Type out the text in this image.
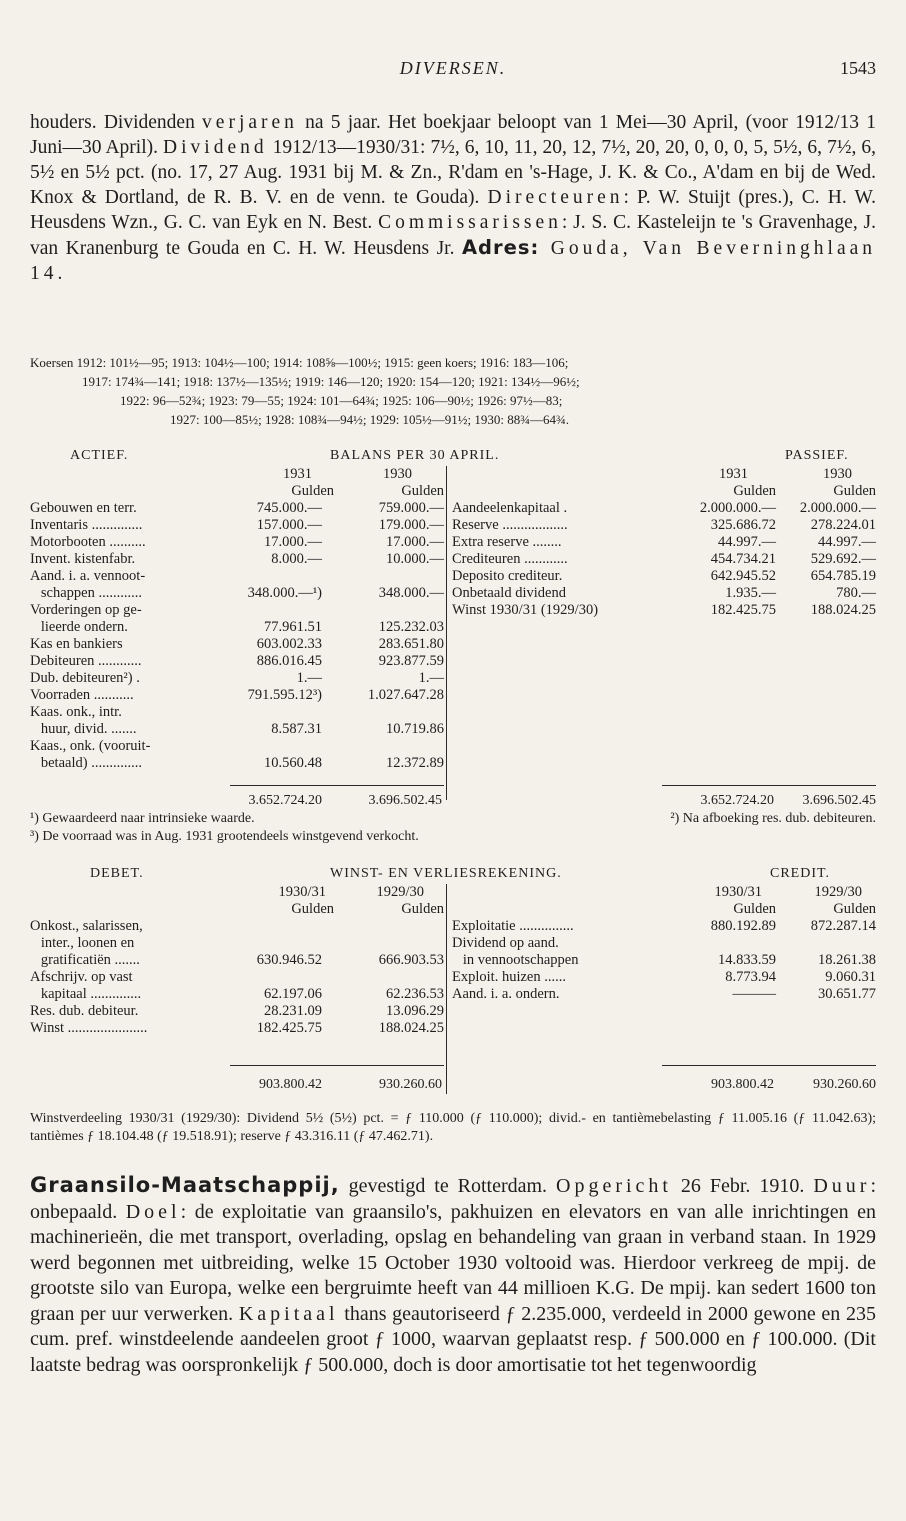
DIVERSEN.	1543

houders. Dividenden verjaren na 5 jaar. Het boekjaar beloopt van 1 Mei—30 April, (voor 1912/13 1 Juni—30 April). Dividend 1912/13—1930/31: 7½, 6, 10, 11, 20, 12, 7½, 20, 20, 0, 0, 0, 5, 5½, 6, 7½, 6, 5½ en 5½ pct. (no. 17, 27 Aug. 1931 bij M. & Zn., R'dam en 's-Hage, J. K. & Co., A'dam en bij de Wed. Knox & Dortland, de R. B. V. en de venn. te Gouda). Directeuren: P. W. Stuijt (pres.), C. H. W. Heusdens Wzn., G. C. van Eyk en N. Best. Commissarissen: J. S. C. Kasteleijn te 's Gravenhage, J. van Kranenburg te Gouda en C. H. W. Heusdens Jr. Adres: Gouda, Van Beverninghlaan 14.

Koersen 1912: 101½—95; 1913: 104½—100; 1914: 108⅝—100½; 1915: geen koers; 1916: 183—106;
1917: 174¾—141; 1918: 137½—135½; 1919: 146—120; 1920: 154—120; 1921: 134½—96½;
1922: 96—52¾; 1923: 79—55; 1924: 101—64¾; 1925: 106—90½; 1926: 97½—83;
1927: 100—85½; 1928: 108¾—94½; 1929: 105½—91½; 1930: 88¾—64¾.
ACTIEF.	BALANS PER 30 APRIL.	PASSIEF.
	1931	1930
	Gulden	Gulden
Gebouwen en terr.	745.000.—	759.000.—
Inventaris ..............	157.000.—	179.000.—
Motorbooten ..........	17.000.—	17.000.—
Invent. kistenfabr.	8.000.—	10.000.—
Aand. i. a. vennoot-		
schappen ............	348.000.—¹)	348.000.—
Vorderingen op ge-		
lieerde ondern.	77.961.51	125.232.03
Kas en bankiers	603.002.33	283.651.80
Debiteuren ............	886.016.45	923.877.59
Dub. debiteuren²) .	1.—	1.—
Voorraden ...........	791.595.12³)	1.027.647.28
Kaas. onk., intr.		
huur, divid. .......	8.587.31	10.719.86
Kaas., onk. (vooruit-		
betaald) ..............	10.560.48	12.372.89
	1931	1930
	Gulden	Gulden
Aandeelenkapitaal .	2.000.000.—	2.000.000.—
Reserve ..................	325.686.72	278.224.01
Extra reserve ........	44.997.—	44.997.—
Crediteuren ............	454.734.21	529.692.—
Deposito crediteur.	642.945.52	654.785.19
Onbetaald dividend	1.935.—	780.—
Winst 1930/31 (1929/30)	182.425.75	188.024.25
3.652.724.20	3.696.502.45	3.652.724.20	3.696.502.45
¹) Gewaardeerd naar intrinsieke waarde.	²) Na afboeking res. dub. debiteuren.
³) De voorraad was in Aug. 1931 grootendeels winstgevend verkocht.
DEBET.	WINST- EN VERLIESREKENING.	CREDIT.
	1930/31	1929/30
	Gulden	Gulden
Onkost., salarissen,		
inter., loonen en		
gratificatiën .......	630.946.52	666.903.53
Afschrijv. op vast		
kapitaal ..............	62.197.06	62.236.53
Res. dub. debiteur.	28.231.09	13.096.29
Winst ......................	182.425.75	188.024.25
	1930/31	1929/30
	Gulden	Gulden
Exploitatie ...............	880.192.89	872.287.14
Dividend op aand.		
in vennootschappen	14.833.59	18.261.38
Exploit. huizen ......	8.773.94	9.060.31
Aand. i. a. ondern.	———	30.651.77
903.800.42	930.260.60	903.800.42	930.260.60
Winstverdeeling 1930/31 (1929/30): Dividend 5½ (5½) pct. = ƒ 110.000 (ƒ 110.000); divid.- en tantièmebelasting ƒ 11.005.16 (ƒ 11.042.63); tantièmes ƒ 18.104.48 (ƒ 19.518.91); reserve ƒ 43.316.11 (ƒ 47.462.71).

Graansilo-Maatschappij, gevestigd te Rotterdam. Opgericht 26 Febr. 1910. Duur: onbepaald. Doel: de exploitatie van graansilo's, pakhuizen en elevators en van alle inrichtingen en machinerieën, die met transport, overlading, opslag en behandeling van graan in verband staan. In 1929 werd begonnen met uitbreiding, welke 15 October 1930 voltooid was. Hierdoor verkreeg de mpij. de grootste silo van Europa, welke een bergruimte heeft van 44 millioen K.G. De mpij. kan sedert 1600 ton graan per uur verwerken. Kapitaal thans geautoriseerd ƒ 2.235.000, verdeeld in 2000 gewone en 235 cum. pref. winstdeelende aandeelen groot ƒ 1000, waarvan geplaatst resp. ƒ 500.000 en ƒ 100.000. (Dit laatste bedrag was oorspronkelijk ƒ 500.000, doch is door amortisatie tot het tegenwoordig
